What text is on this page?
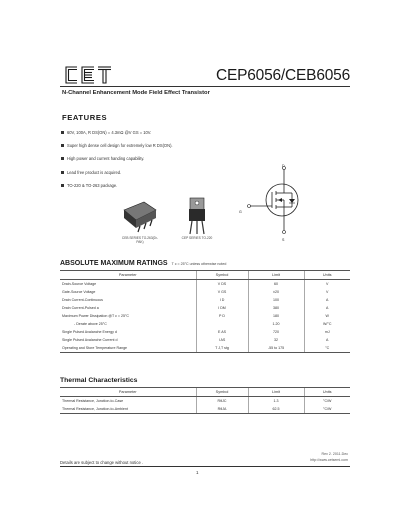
CEP6056/CEB6056
N-Channel Enhancement Mode Field Effect Transistor
FEATURES
60V, 100A, R DS(ON) = 4.3mΩ @V GS = 10V.
Super high dense cell design for extremely low R DS(ON).
High power and current handing capability.
Lead free product is acquired.
TO-220 & TO-263 package.
CEB SERIES TO-263(D²-PAK)
CEP SERIES TO-220
D
G
S
ABSOLUTE MAXIMUM RATINGS T c = 25°C unless otherwise noted
Parameter	Symbol	Limit	Units
Drain-Source Voltage	V DS	60	V
Gate-Source Voltage	V GS	±20	V
Drain Current-Continuous	I D	100	A
Drain Current-Pulsed a	I DM	380	A
Maximum Power Dissipation @T c = 25°C	P D	180	W
- Derate above 25°C		1.20	W/°C
Single Pulsed Avalanche Energy d	E AS	720	mJ
Single Pulsed Avalanche Current d	I AS	32	A
Operating and Store Temperature Range	T J,T stg	-55 to 175	°C
Thermal Characteristics
Parameter	Symbol	Limit	Units
Thermal Resistance, Junction-to-Case	RθJC	1.3	°C/W
Thermal Resistance, Junction-to-Ambient	RθJA	62.5	°C/W
Rev 2. 2011.Dec
http://www.cetsemi.com
Details are subject to change without notice .
1
